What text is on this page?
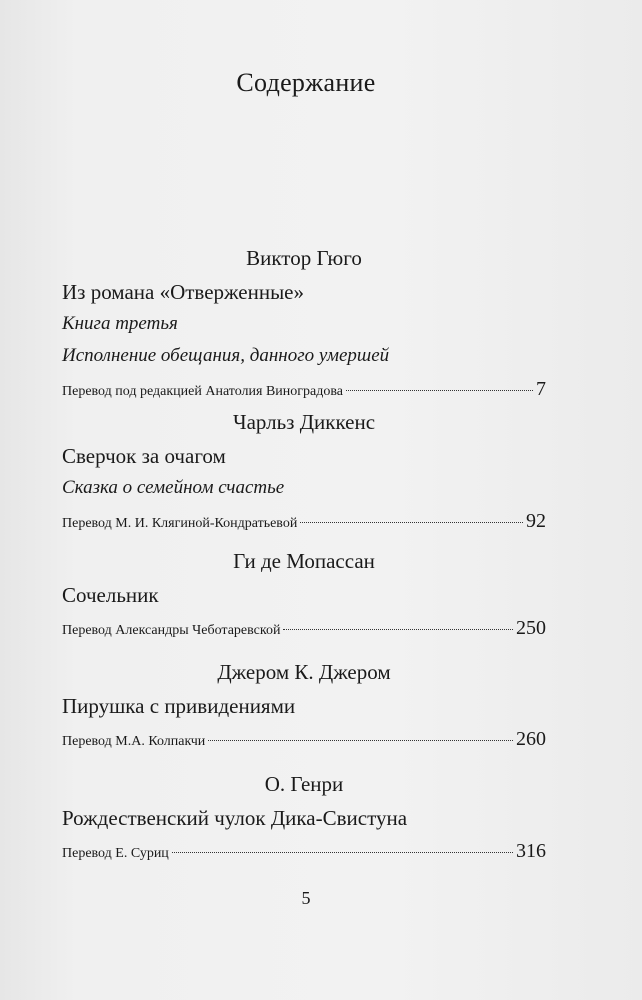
Содержание
Виктор Гюго
Из романа «Отверженные»
Книга третья
Исполнение обещания, данного умершей
Перевод под редакцией Анатолия Виноградова	7
Чарльз Диккенс
Сверчок за очагом
Сказка о семейном счастье
Перевод М. И. Клягиной-Кондратьевой	92
Ги де Мопассан
Сочельник
Перевод Александры Чеботаревской	250
Джером К. Джером
Пирушка с привидениями
Перевод М.А. Колпакчи	260
О. Генри
Рождественский чулок Дика-Свистуна
Перевод Е. Суриц	316
5
